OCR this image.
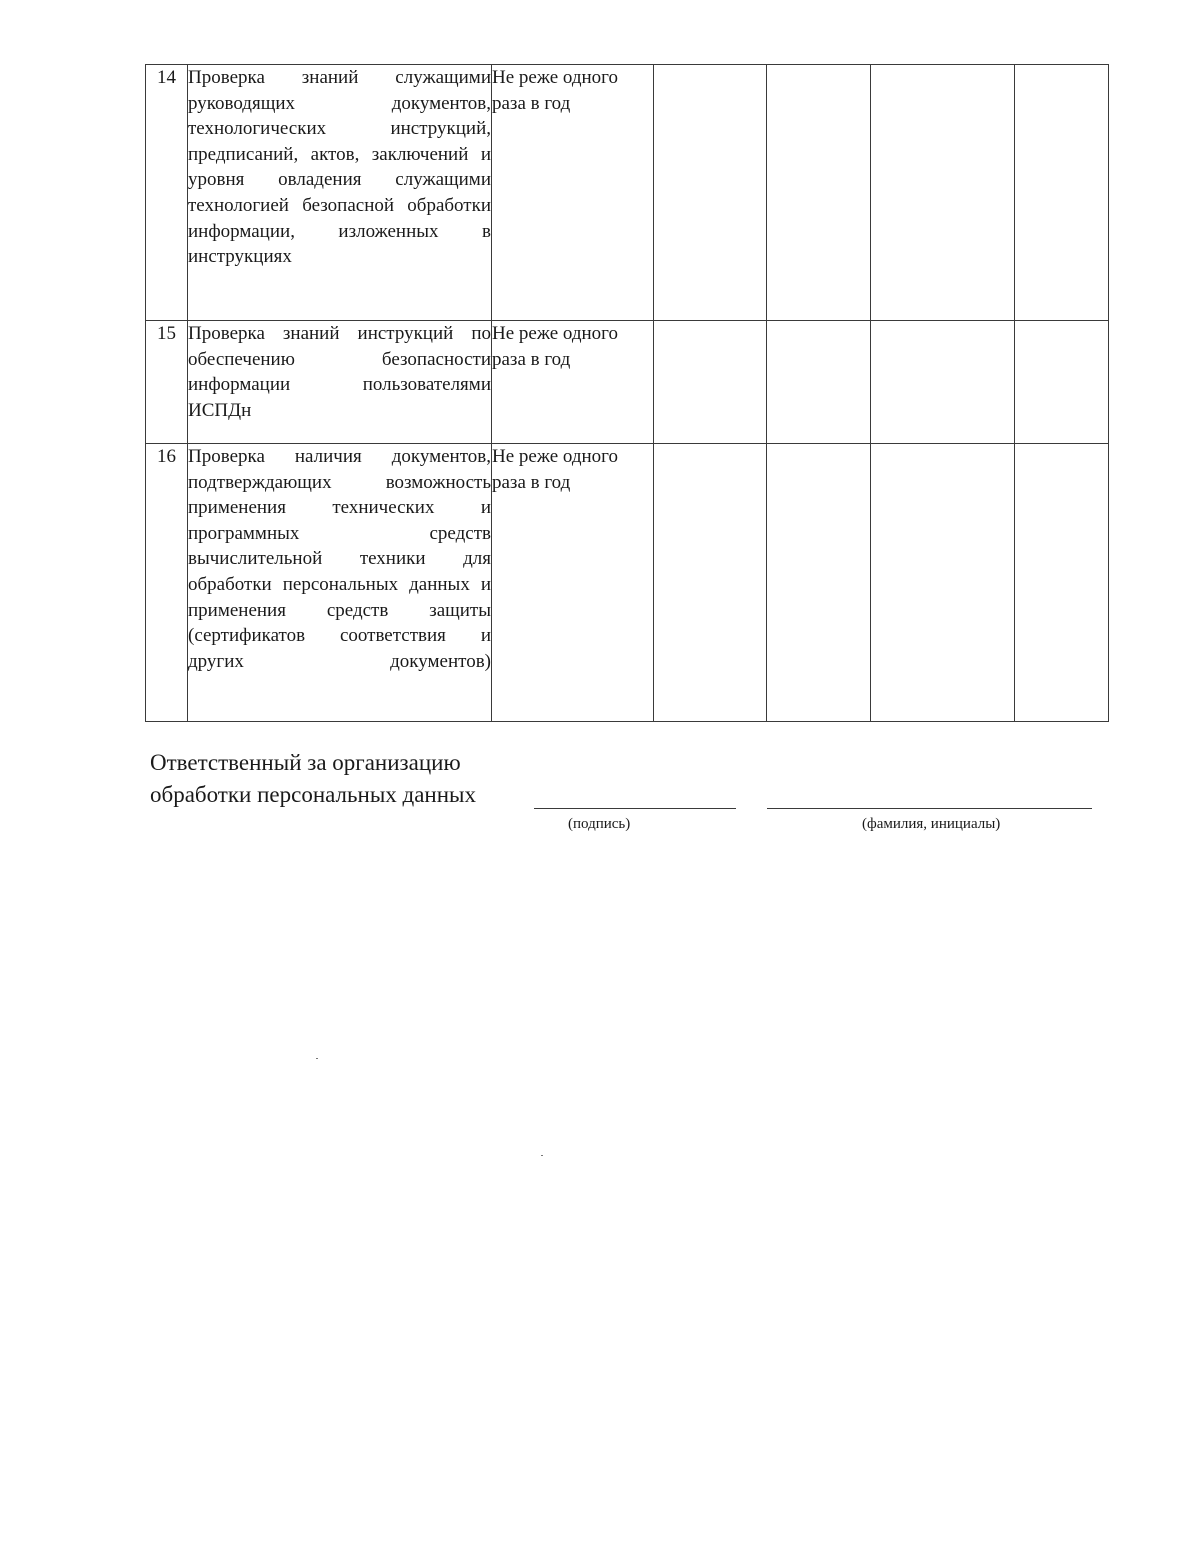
14	Проверка знаний служащими руководящих документов, технологических инструкций, предписаний, актов, заключений и уровня овладения служащими технологией безопасной обработки информации, изложенных в инструкциях	Не реже одного раза в год				
15	Проверка знаний инструкций по обеспечению безопасности информации пользователями ИСПДн	Не реже одного раза в год				
16	Проверка наличия документов, подтверждающих возможность применения технических и программных средств вычислительной техники для обработки персональных данных и применения средств защиты (сертификатов соответствия и других документов)	Не реже одного раза в год				
Ответственный за организацию
обработки персональных данных
(подпись)	(фамилия, инициалы)
